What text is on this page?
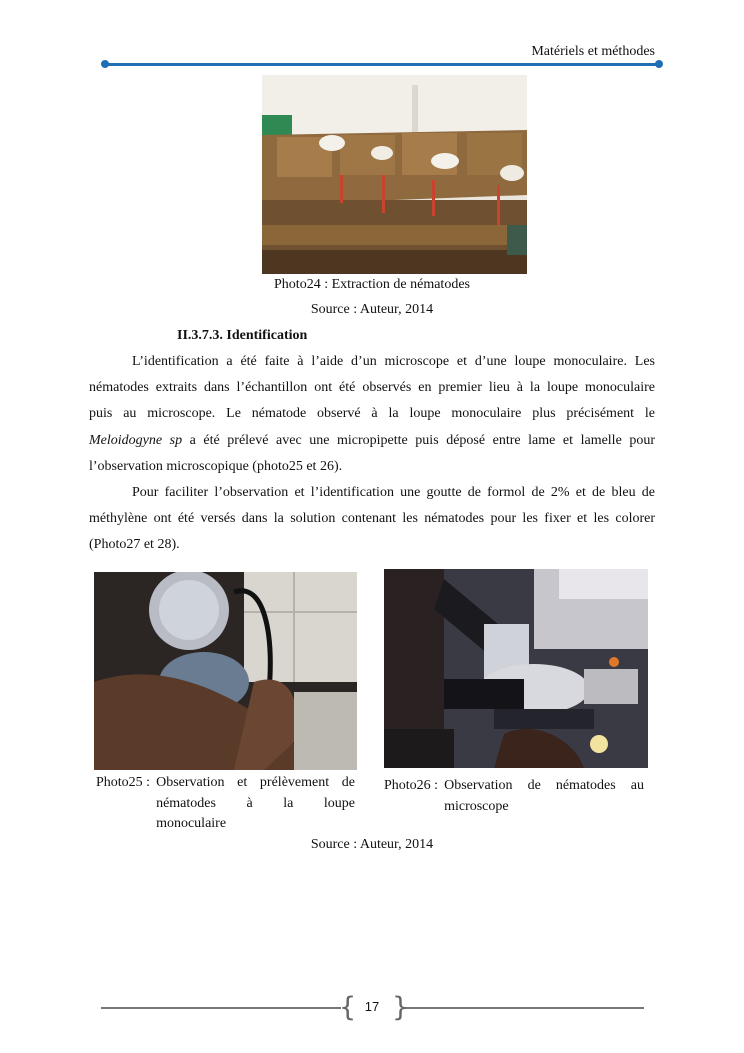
Matériels et méthodes
Photo24 : Extraction de nématodes
Source : Auteur, 2014
II.3.7.3. Identification
L’identification a été faite à l’aide d’un microscope et d’une loupe monoculaire. Les
nématodes extraits dans l’échantillon ont été observés en premier lieu à la loupe monoculaire
puis au microscope. Le nématode observé à la loupe monoculaire plus précisément le
Meloidogyne sp a été prélevé avec une micropipette puis déposé entre lame et lamelle pour
l’observation microscopique (photo25 et 26).
Pour faciliter l’observation et l’identification une goutte de formol de 2% et de bleu de
méthylène ont été versés dans la solution contenant les nématodes pour les fixer et les colorer
(Photo27 et 28).
Photo25 : Observation et prélèvement de
nématodes à la loupe
monoculaire
Photo26 : Observation de nématodes au
microscope
Source : Auteur, 2014
{ }
17
